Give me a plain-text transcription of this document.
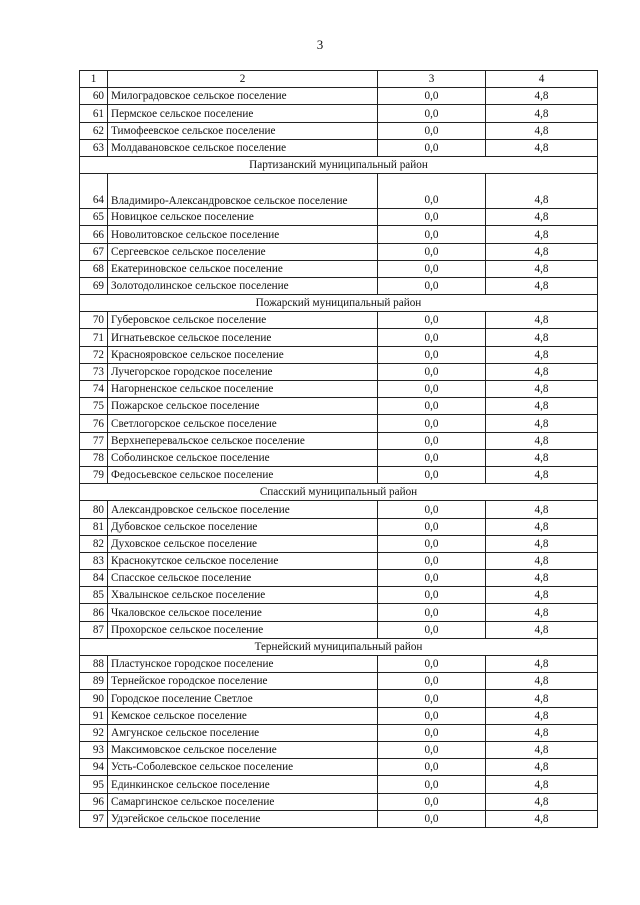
3
1	2	3	4
60	Милоградовское сельское поселение	0,0	4,8
61	Пермское сельское поселение	0,0	4,8
62	Тимофеевское сельское поселение	0,0	4,8
63	Молдавановское сельское поселение	0,0	4,8
Партизанский муниципальный район			
64	Владимиро-Александровское сельское поселение	0,0	4,8
65	Новицкое сельское поселение	0,0	4,8
66	Новолитовское сельское поселение	0,0	4,8
67	Сергеевское сельское поселение	0,0	4,8
68	Екатериновское сельское поселение	0,0	4,8
69	Золотодолинское сельское поселение	0,0	4,8
Пожарский муниципальный район			
70	Губеровское сельское поселение	0,0	4,8
71	Игнатьевское сельское поселение	0,0	4,8
72	Краснояровское сельское поселение	0,0	4,8
73	Лучегорское городское поселение	0,0	4,8
74	Нагорненское сельское поселение	0,0	4,8
75	Пожарское сельское поселение	0,0	4,8
76	Светлогорское сельское поселение	0,0	4,8
77	Верхнеперевальское сельское поселение	0,0	4,8
78	Соболинское сельское поселение	0,0	4,8
79	Федосьевское сельское поселение	0,0	4,8
Спасский муниципальный район			
80	Александровское сельское поселение	0,0	4,8
81	Дубовское сельское поселение	0,0	4,8
82	Духовское сельское поселение	0,0	4,8
83	Краснокутское сельское поселение	0,0	4,8
84	Спасское сельское поселение	0,0	4,8
85	Хвалынское сельское поселение	0,0	4,8
86	Чкаловское сельское поселение	0,0	4,8
87	Прохорское сельское поселение	0,0	4,8
Тернейский муниципальный район			
88	Пластунское городское поселение	0,0	4,8
89	Тернейское городское поселение	0,0	4,8
90	Городское поселение Светлое	0,0	4,8
91	Кемское сельское поселение	0,0	4,8
92	Амгунское сельское поселение	0,0	4,8
93	Максимовское сельское поселение	0,0	4,8
94	Усть-Соболевское сельское поселение	0,0	4,8
95	Единкинское сельское поселение	0,0	4,8
96	Самаргинское сельское поселение	0,0	4,8
97	Удэгейское сельское поселение	0,0	4,8
